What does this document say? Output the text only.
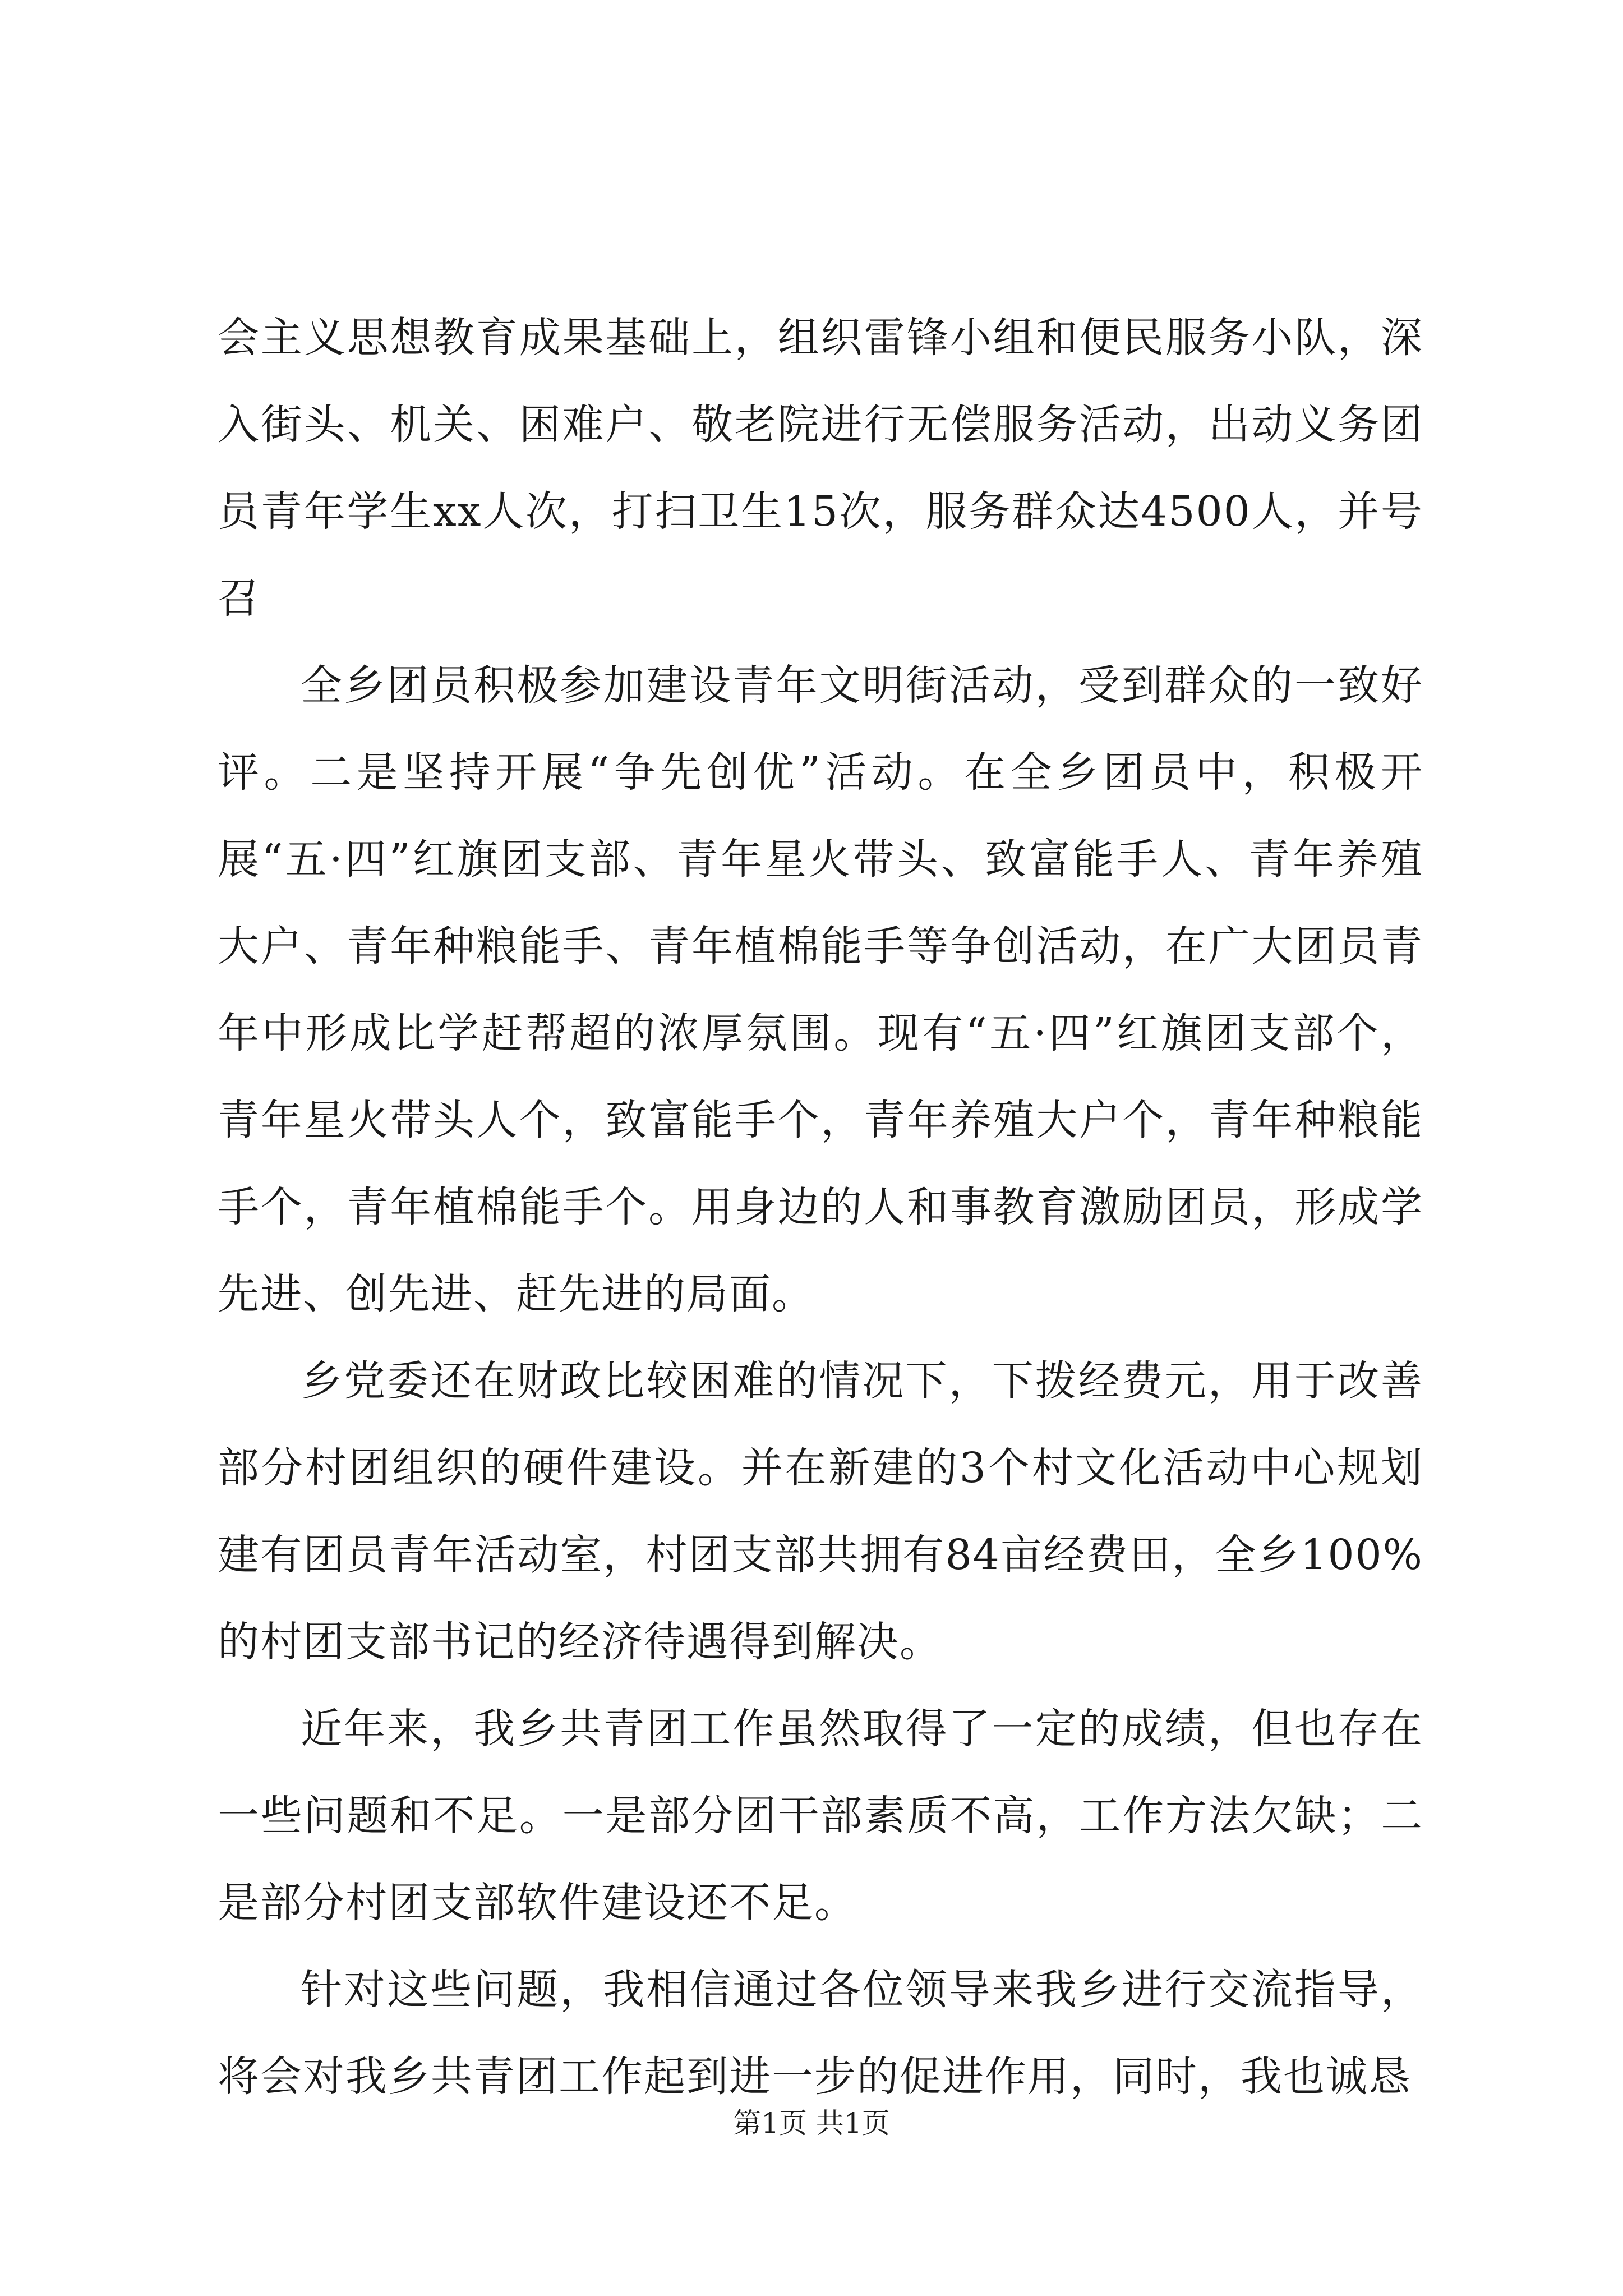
会主义思想教育成果基础上，组织雷锋小组和便民服务小队，深入街头、机关、困难户、敬老院进行无偿服务活动，出动义务团员青年学生xx人次，打扫卫生15次，服务群众达4500人，并号召

全乡团员积极参加建设青年文明街活动，受到群众的一致好评。二是坚持开展“争先创优”活动。在全乡团员中，积极开展“五·四”红旗团支部、青年星火带头、致富能手人、青年养殖大户、青年种粮能手、青年植棉能手等争创活动，在广大团员青年中形成比学赶帮超的浓厚氛围。现有“五·四”红旗团支部个，青年星火带头人个，致富能手个，青年养殖大户个，青年种粮能手个，青年植棉能手个。用身边的人和事教育激励团员，形成学先进、创先进、赶先进的局面。

乡党委还在财政比较困难的情况下，下拨经费元，用于改善部分村团组织的硬件建设。并在新建的3个村文化活动中心规划建有团员青年活动室，村团支部共拥有84亩经费田，全乡100%的村团支部书记的经济待遇得到解决。

近年来，我乡共青团工作虽然取得了一定的成绩，但也存在一些问题和不足。一是部分团干部素质不高，工作方法欠缺；二是部分村团支部软件建设还不足。

针对这些问题，我相信通过各位领导来我乡进行交流指导，将会对我乡共青团工作起到进一步的促进作用，同时，我也诚恳

第1页 共1页
